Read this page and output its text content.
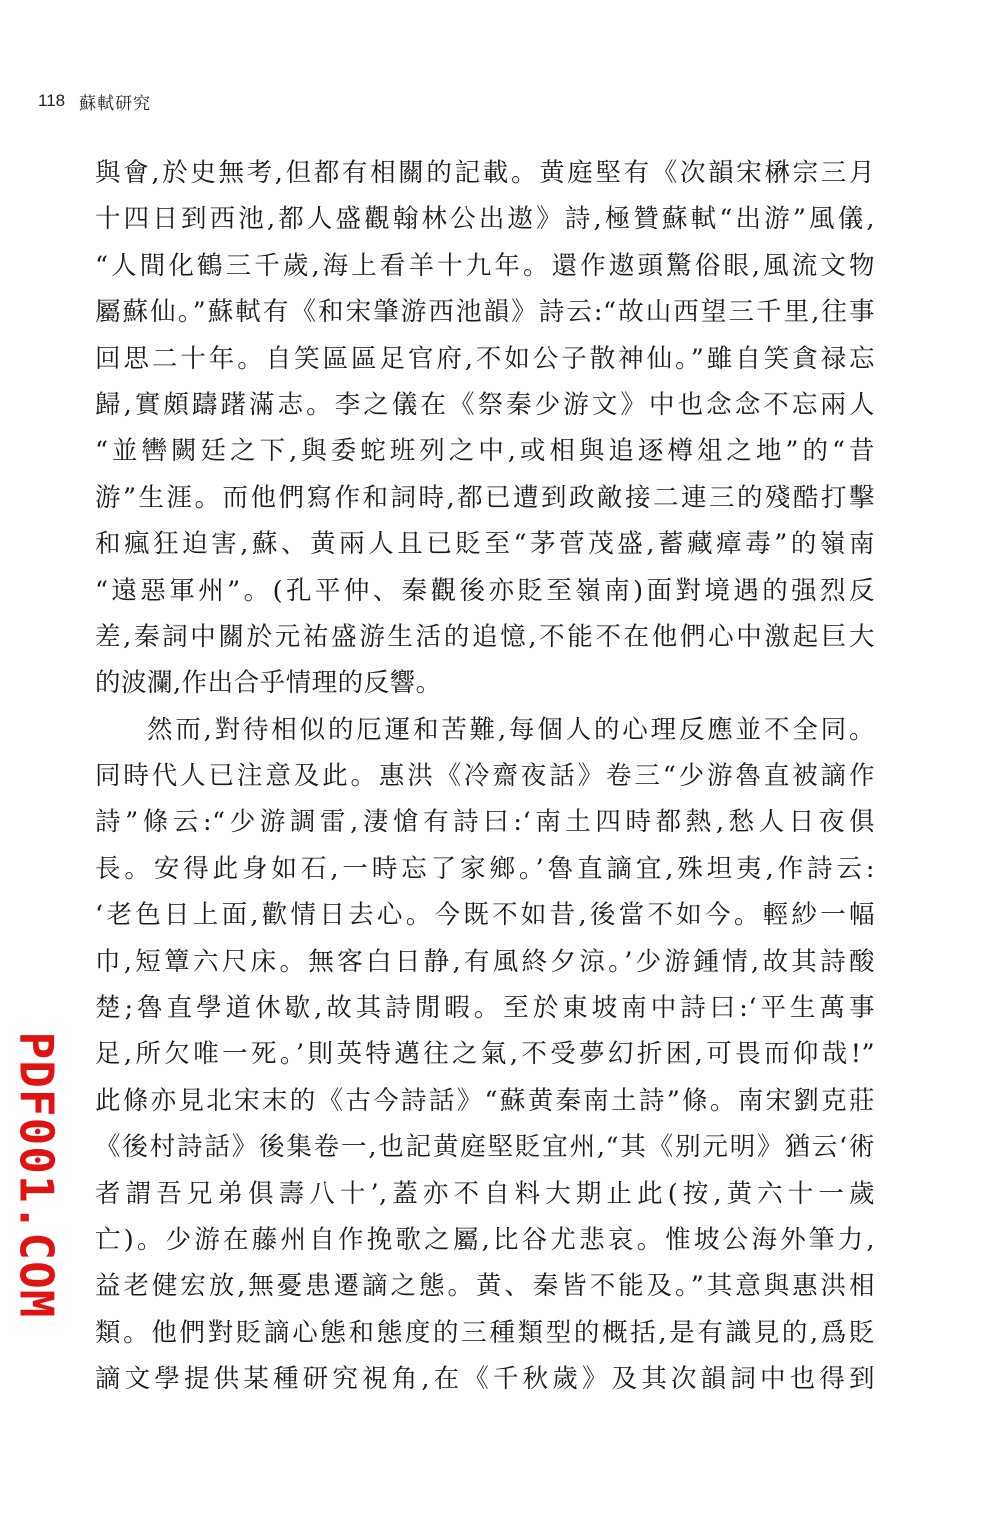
118 蘇軾研究
與會,於史無考,但都有相關的記載。黄庭堅有《次韻宋楙宗三月
十四日到西池,都人盛觀翰林公出遨》詩,極贊蘇軾“出游”風儀,
“人間化鶴三千歲,海上看羊十九年。還作遨頭驚俗眼,風流文物
屬蘇仙。”蘇軾有《和宋肇游西池韻》詩云:“故山西望三千里,往事
回思二十年。自笑區區足官府,不如公子散神仙。”雖自笑貪禄忘
歸,實頗躊躇滿志。李之儀在《祭秦少游文》中也念念不忘兩人
“並轡闕廷之下,與委蛇班列之中,或相與追逐樽俎之地”的“昔
游”生涯。而他們寫作和詞時,都已遭到政敵接二連三的殘酷打擊
和瘋狂迫害,蘇、黄兩人且已貶至“茅菅茂盛,蓄藏瘴毒”的嶺南
“遠惡軍州”。(孔平仲、秦觀後亦貶至嶺南)面對境遇的强烈反
差,秦詞中關於元祐盛游生活的追憶,不能不在他們心中激起巨大
的波瀾,作出合乎情理的反響。
然而,對待相似的厄運和苦難,每個人的心理反應並不全同。
同時代人已注意及此。惠洪《冷齋夜話》卷三“少游魯直被謫作
詩”條云:“少游調雷,淒愴有詩曰:‘南土四時都熱,愁人日夜俱
長。安得此身如石,一時忘了家鄉。’魯直謫宜,殊坦夷,作詩云:
‘老色日上面,歡情日去心。今既不如昔,後當不如今。輕紗一幅
巾,短簟六尺床。無客白日静,有風終夕涼。’少游鍾情,故其詩酸
楚;魯直學道休歇,故其詩閒暇。至於東坡南中詩曰:‘平生萬事
足,所欠唯一死。’則英特邁往之氣,不受夢幻折困,可畏而仰哉!”
此條亦見北宋末的《古今詩話》“蘇黄秦南土詩”條。南宋劉克莊
《後村詩話》後集卷一,也記黄庭堅貶宜州,“其《别元明》猶云‘術
者謂吾兄弟俱壽八十’,蓋亦不自料大期止此(按,黄六十一歲
亡)。少游在藤州自作挽歌之屬,比谷尤悲哀。惟坡公海外筆力,
益老健宏放,無憂患遷謫之態。黄、秦皆不能及。”其意與惠洪相
類。他們對貶謫心態和態度的三種類型的概括,是有識見的,爲貶
謫文學提供某種研究視角,在《千秋歲》及其次韻詞中也得到
PDF001.COM
